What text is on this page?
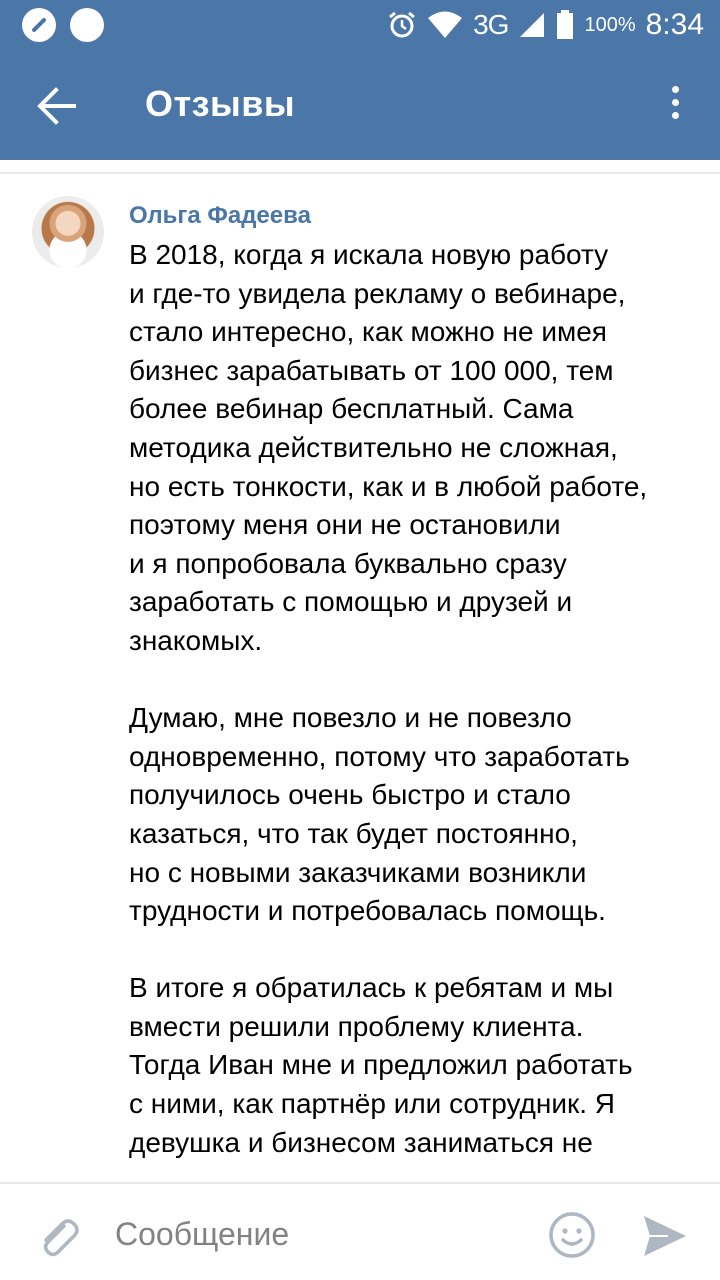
3G	100% 8:34
Отзывы
Ольга Фадеева
В 2018, когда я искала новую работу
и где-то увидела рекламу о вебинаре,
стало интересно, как можно не имея
бизнес зарабатывать от 100 000, тем
более вебинар бесплатный. Сама
методика действительно не сложная,
но есть тонкости, как и в любой работе,
поэтому меня они не остановили
и я попробовала буквально сразу
заработать с помощью и друзей и
знакомых.
Думаю, мне повезло и не повезло
одновременно, потому что заработать
получилось очень быстро и стало
казаться, что так будет постоянно,
но с новыми заказчиками возникли
трудности и потребовалась помощь.
В итоге я обратилась к ребятам и мы
вмести решили проблему клиента.
Тогда Иван мне и предложил работать
с ними, как партнёр или сотрудник. Я
девушка и бизнесом заниматься не
Сообщение
